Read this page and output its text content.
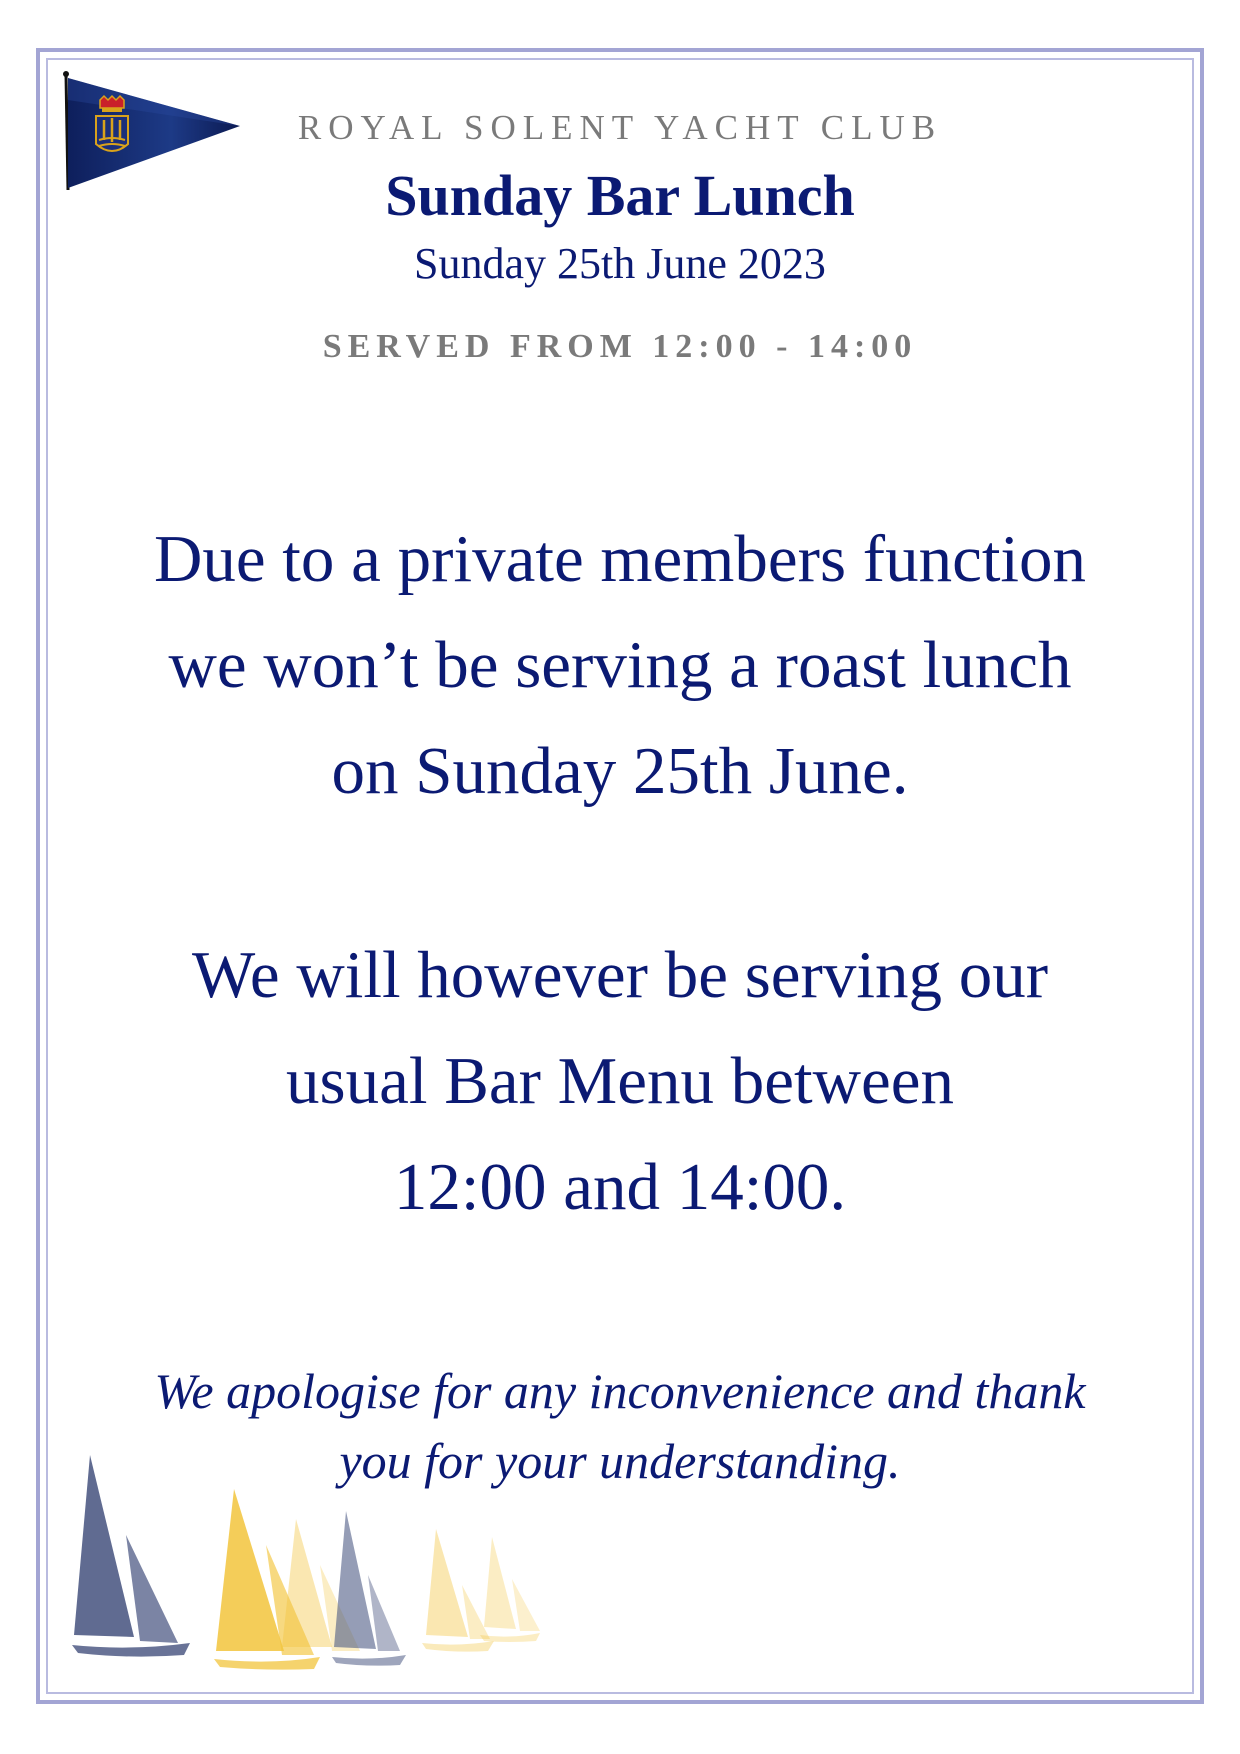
ROYAL SOLENT YACHT CLUB
Sunday Bar Lunch
Sunday 25th June 2023
SERVED FROM 12:00 - 14:00
Due to a private members function
we won’t be serving a roast lunch
on Sunday 25th June.
We will however be serving our
usual Bar Menu between
12:00 and 14:00.
We apologise for any inconvenience and thank
you for your understanding.
